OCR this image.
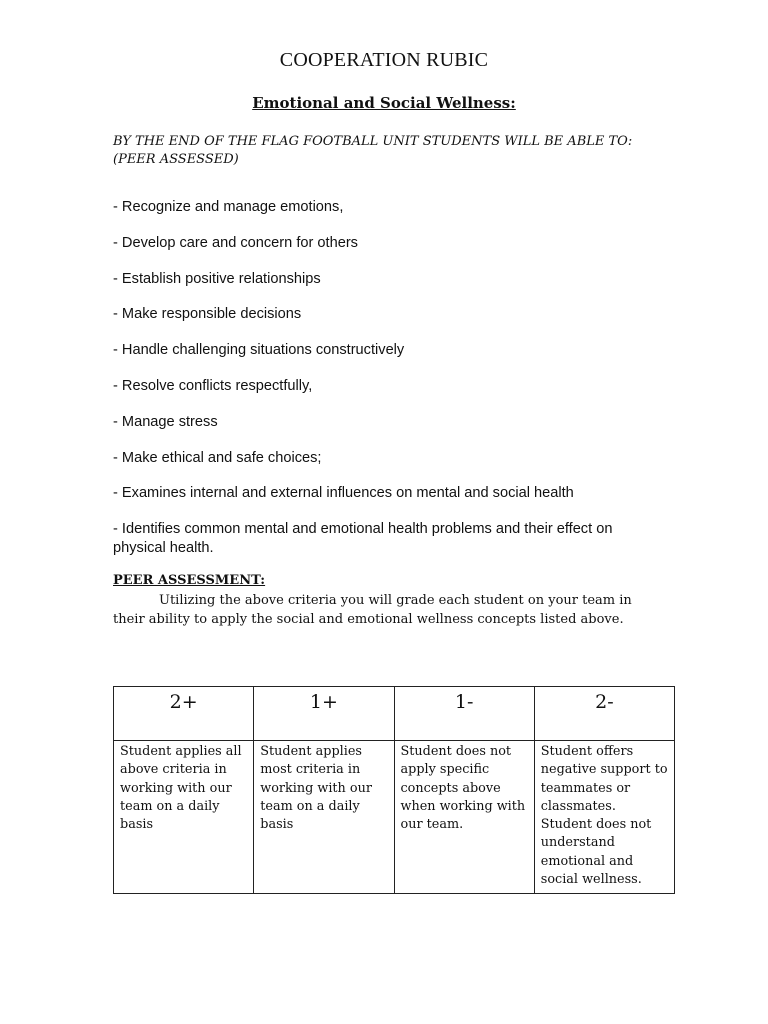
COOPERATION RUBIC
Emotional and Social Wellness:
BY THE END OF THE FLAG FOOTBALL UNIT STUDENTS WILL BE ABLE TO: (PEER ASSESSED)
- Recognize and manage emotions,
- Develop care and concern for others
- Establish positive relationships
- Make responsible decisions
- Handle challenging situations constructively
- Resolve conflicts respectfully,
- Manage stress
- Make ethical and safe choices;
- Examines internal and external influences on mental and social health
- Identifies common mental and emotional health problems and their effect on physical health.
PEER ASSESSMENT:
Utilizing the above criteria you will grade each student on your team in their ability to apply the social and emotional wellness concepts listed above.
2+	1+	1-	2-
Student applies all above criteria in working with our team on a daily basis	Student applies most criteria in working with our team on a daily basis	Student does not apply specific concepts above when working with our team.	Student offers negative support to teammates or classmates. Student does not understand emotional and social wellness.
